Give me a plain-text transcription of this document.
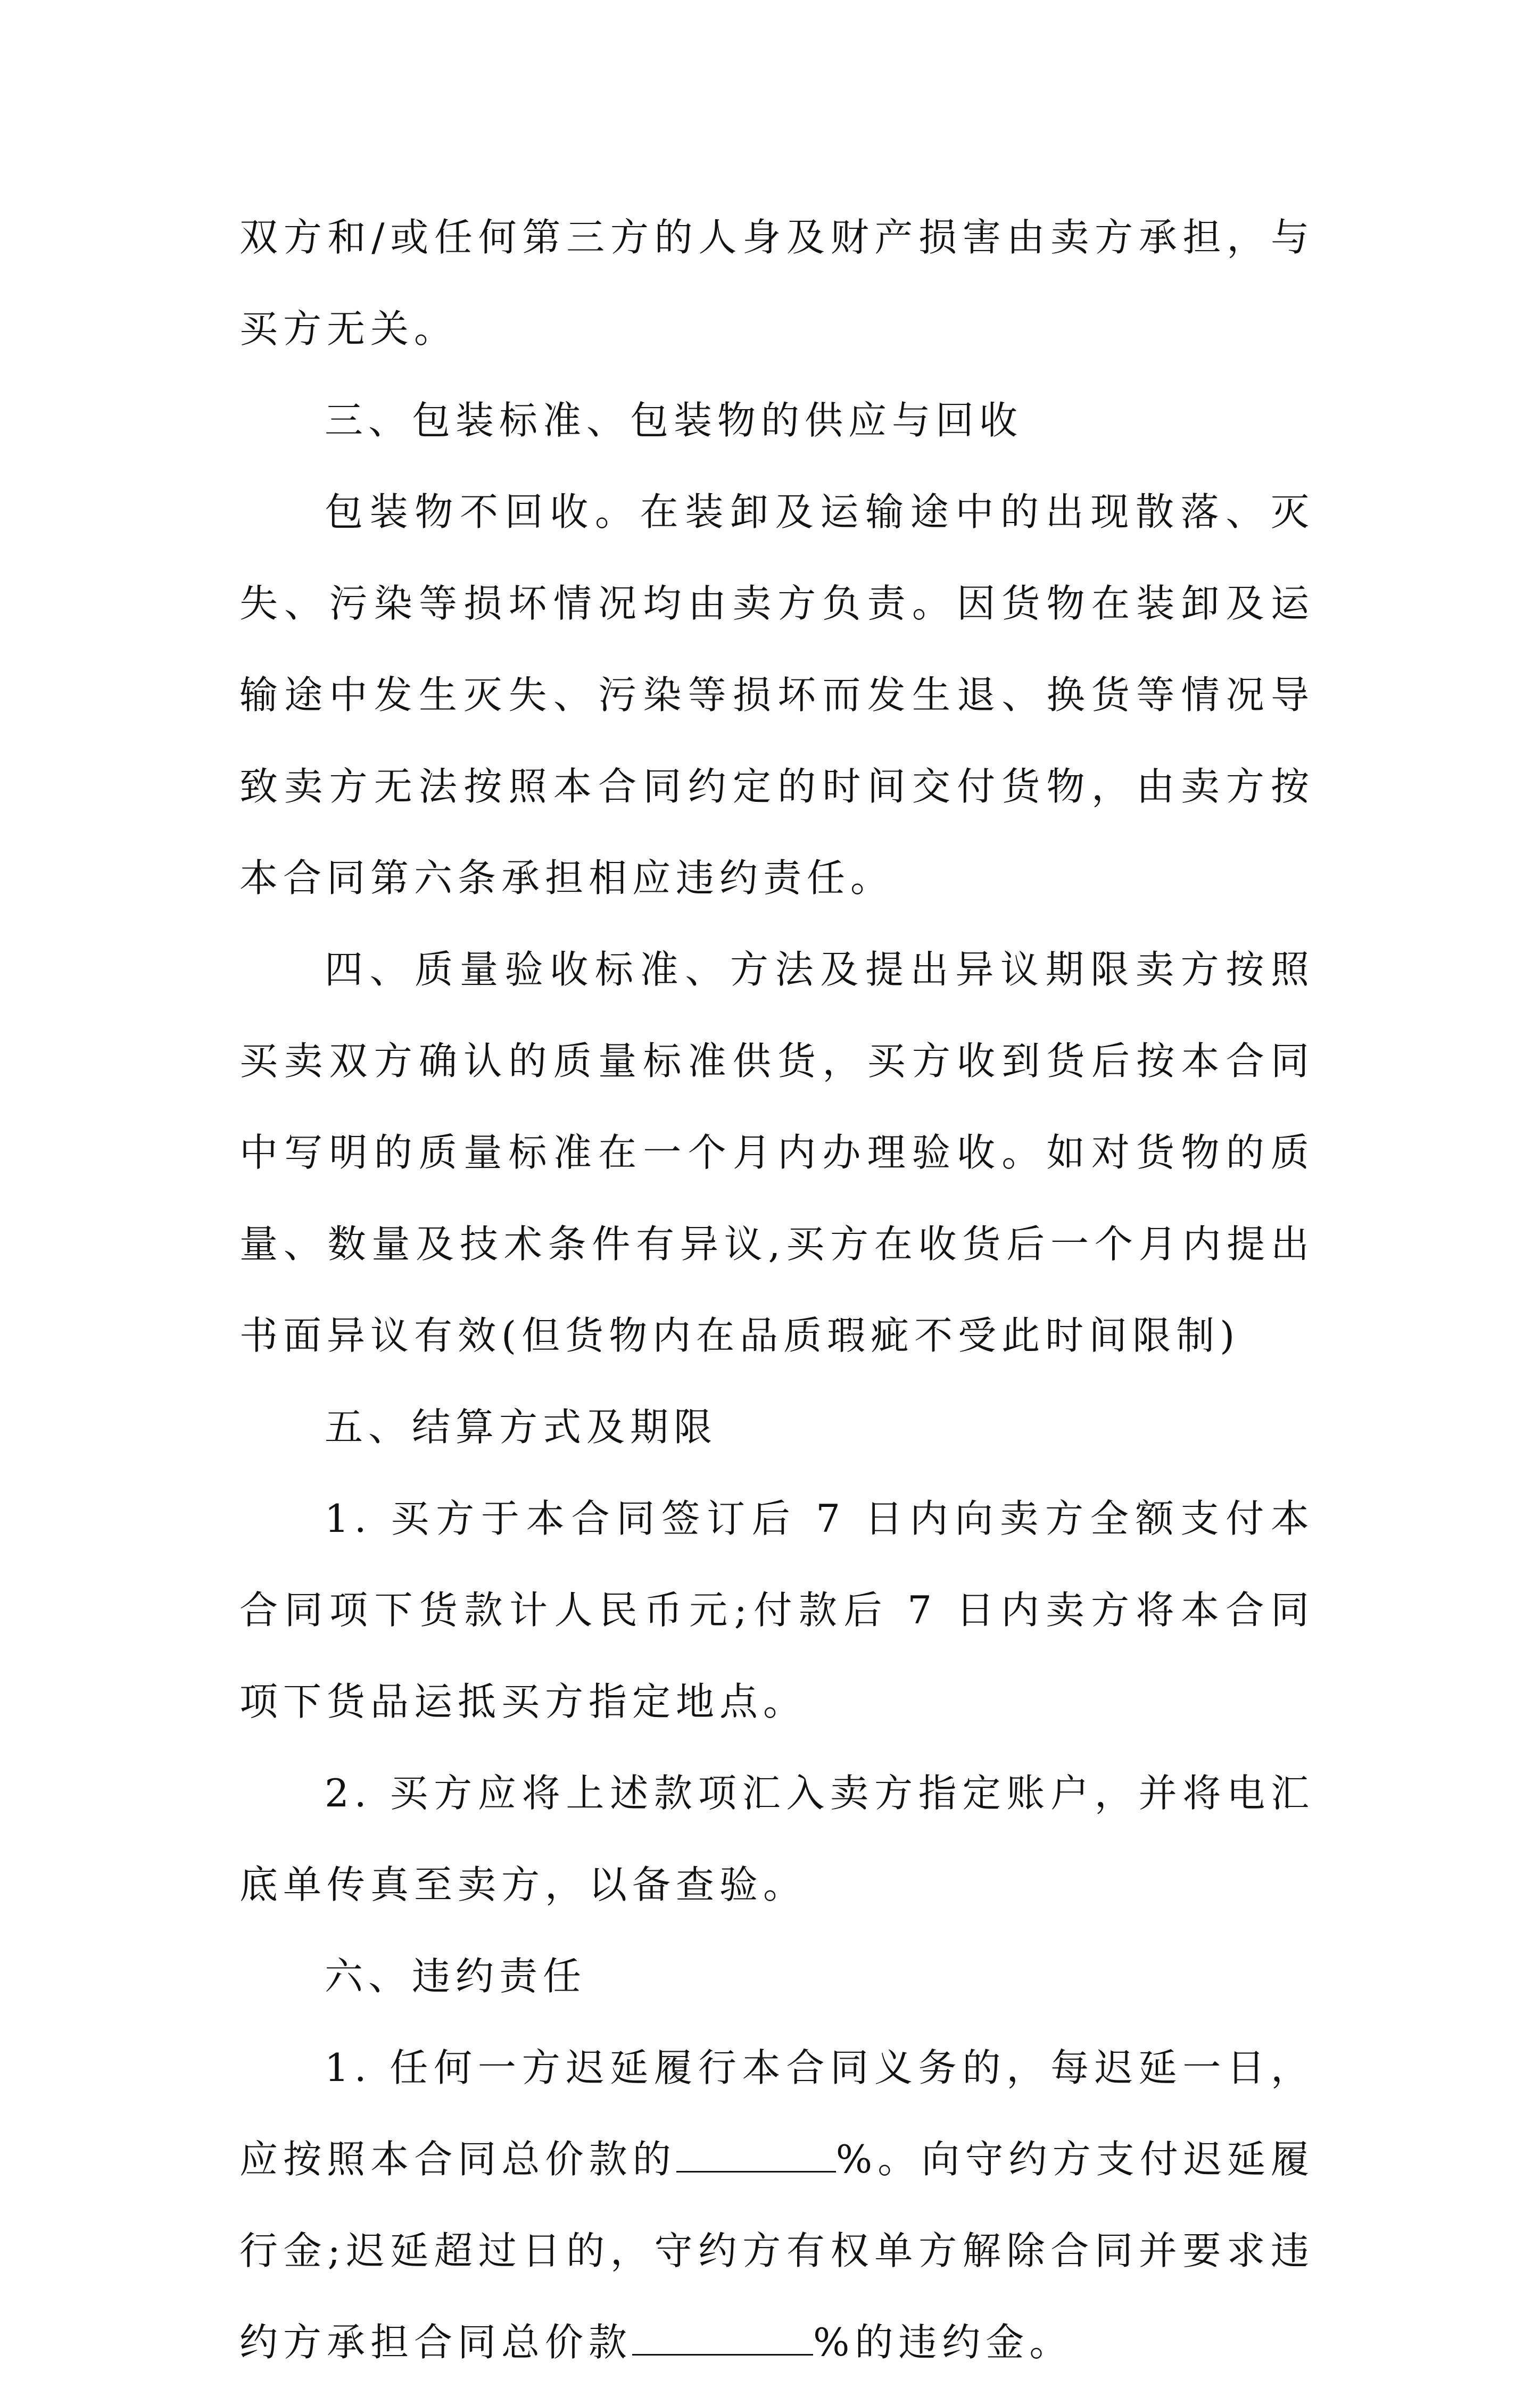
双方和/或任何第三方的人身及财产损害由卖方承担，与买方无关。

三、包装标准、包装物的供应与回收

包装物不回收。在装卸及运输途中的出现散落、灭失、污染等损坏情况均由卖方负责。因货物在装卸及运输途中发生灭失、污染等损坏而发生退、换货等情况导致卖方无法按照本合同约定的时间交付货物，由卖方按本合同第六条承担相应违约责任。

四、质量验收标准、方法及提出异议期限卖方按照买卖双方确认的质量标准供货，买方收到货后按本合同中写明的质量标准在一个月内办理验收。如对货物的质量、数量及技术条件有异议,买方在收货后一个月内提出书面异议有效(但货物内在品质瑕疵不受此时间限制)

五、结算方式及期限

1. 买方于本合同签订后 7 日内向卖方全额支付本合同项下货款计人民币元;付款后 7 日内卖方将本合同项下货品运抵买方指定地点。

2. 买方应将上述款项汇入卖方指定账户，并将电汇底单传真至卖方，以备查验。

六、违约责任

1. 任何一方迟延履行本合同义务的，每迟延一日，应按照本合同总价款的	%。向守约方支付迟延履行金;迟延超过日的，守约方有权单方解除合同并要求违约方承担合同总价款	%的违约金。
